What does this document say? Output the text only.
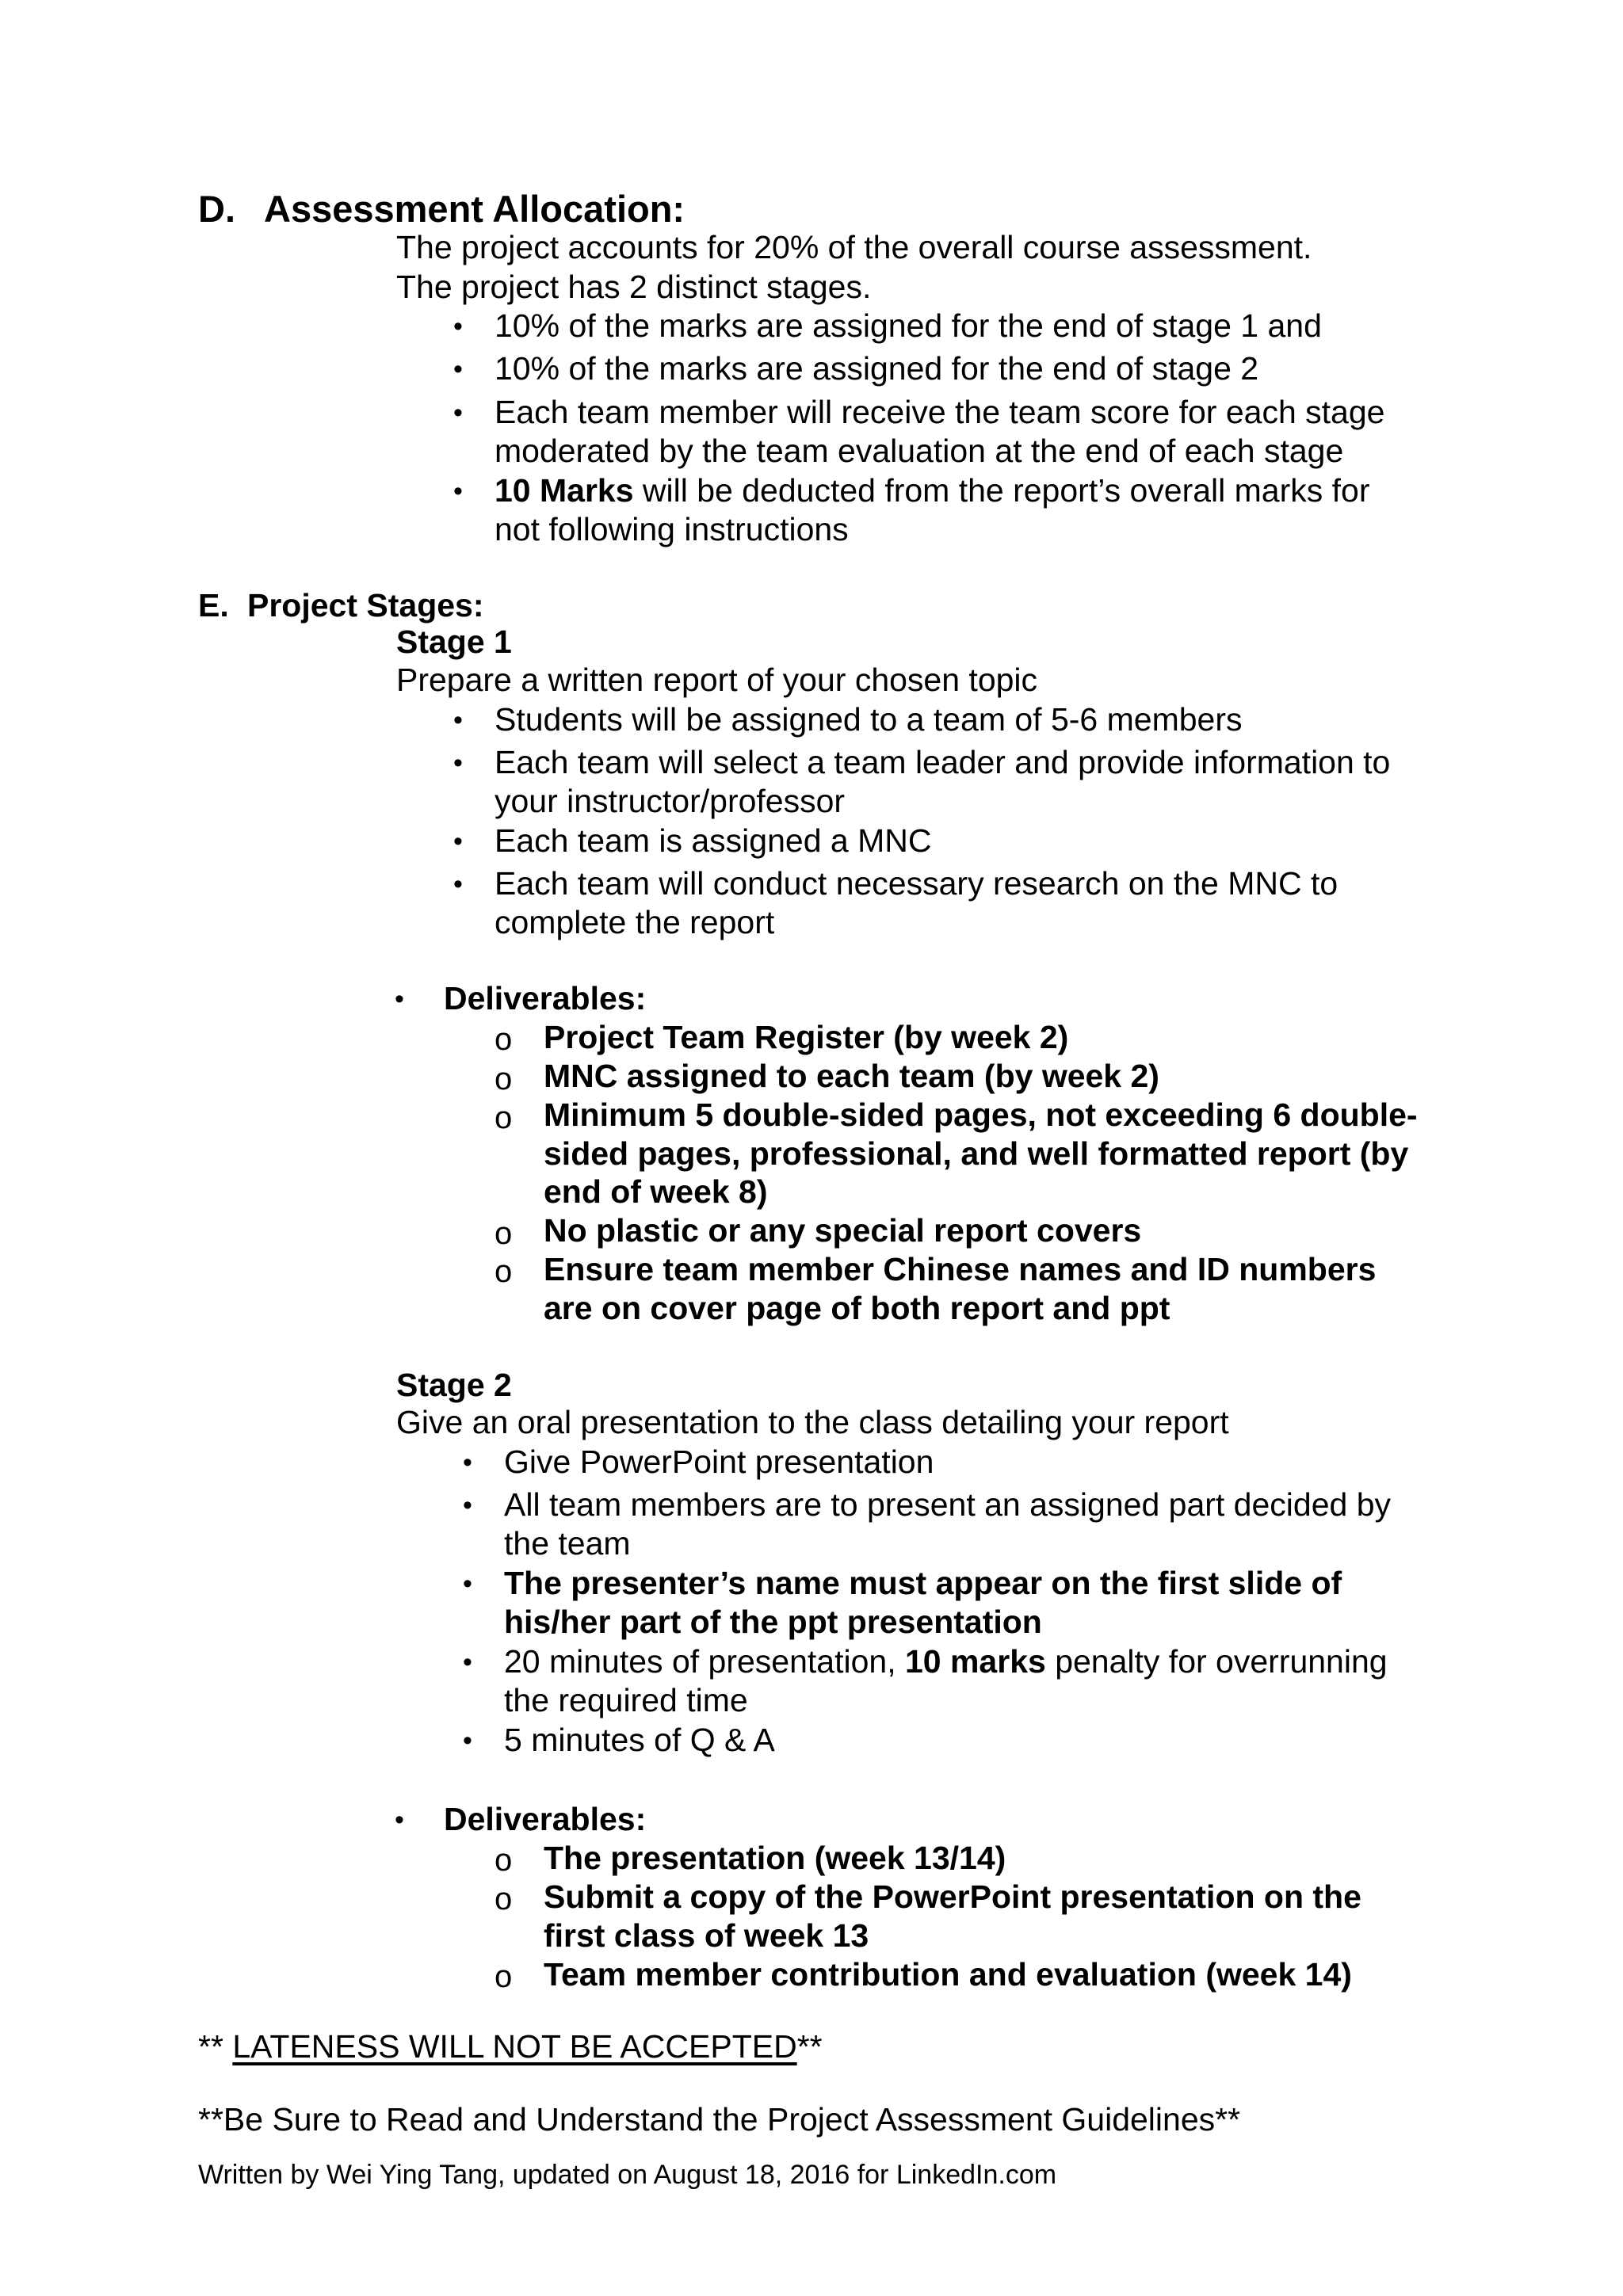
D. Assessment Allocation:
The project accounts for 20% of the overall course assessment.
The project has 2 distinct stages.
• 10% of the marks are assigned for the end of stage 1 and
• 10% of the marks are assigned for the end of stage 2
• Each team member will receive the team score for each stage
moderated by the team evaluation at the end of each stage
• 10 Marks will be deducted from the report’s overall marks for
not following instructions
E. Project Stages:
Stage 1
Prepare a written report of your chosen topic
• Students will be assigned to a team of 5-6 members
• Each team will select a team leader and provide information to
your instructor/professor
• Each team is assigned a MNC
• Each team will conduct necessary research on the MNC to
complete the report
• Deliverables:
o Project Team Register (by week 2)
o MNC assigned to each team (by week 2)
o Minimum 5 double-sided pages, not exceeding 6 double-
sided pages, professional, and well formatted report (by
end of week 8)
o No plastic or any special report covers
o Ensure team member Chinese names and ID numbers
are on cover page of both report and ppt
Stage 2
Give an oral presentation to the class detailing your report
• Give PowerPoint presentation
• All team members are to present an assigned part decided by
the team
• The presenter’s name must appear on the first slide of
his/her part of the ppt presentation
• 20 minutes of presentation, 10 marks penalty for overrunning
the required time
• 5 minutes of Q & A
• Deliverables:
o The presentation (week 13/14)
o Submit a copy of the PowerPoint presentation on the
first class of week 13
o Team member contribution and evaluation (week 14)
** LATENESS WILL NOT BE ACCEPTED**
**Be Sure to Read and Understand the Project Assessment Guidelines**
Written by Wei Ying Tang, updated on August 18, 2016 for LinkedIn.com
